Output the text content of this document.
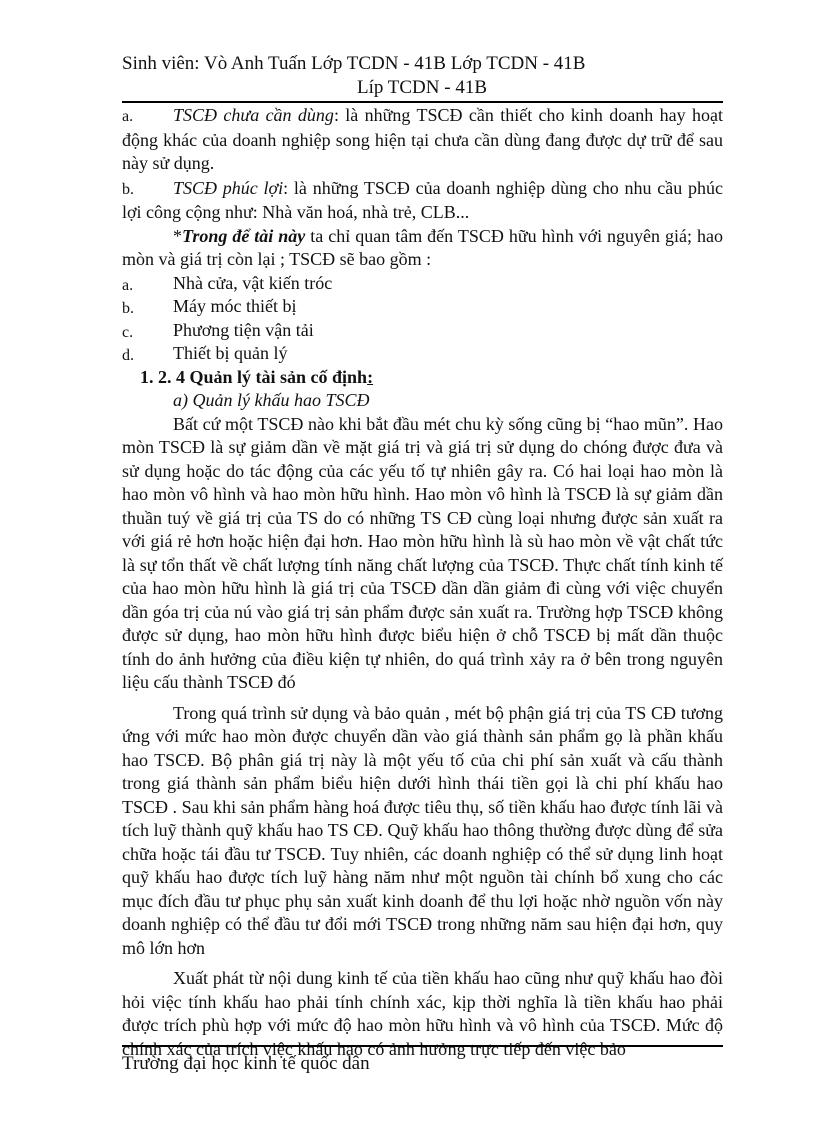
Sinh viên: Vò Anh Tuấn Lớp TCDN - 41B Lớp TCDN - 41B
Líp TCDN - 41B

a. TSCĐ chưa cần dùng: là những TSCĐ cần thiết cho kinh doanh hay hoạt động khác của doanh nghiệp song hiện tại chưa cần dùng đang được dự trữ để sau này sử dụng.

b. TSCĐ phúc lợi: là những TSCĐ của doanh nghiệp dùng cho nhu cầu phúc lợi công cộng như: Nhà văn hoá, nhà trẻ, CLB...

*Trong để tài này ta chỉ quan tâm đến TSCĐ hữu hình với nguyên giá; hao mòn và giá trị còn lại ; TSCĐ sẽ bao gồm :

a.	Nhà cửa, vật kiến tróc
b.	Máy móc thiết bị
c.	Phương tiện vận tải
d.	Thiết bị quản lý

1. 2. 4 Quản lý tài sản cố định:

a) Quản lý khấu hao TSCĐ

Bất cứ một TSCĐ nào khi bắt đầu mét chu kỳ sống cũng bị “hao mũn”. Hao mòn TSCĐ là sự giảm dần về mặt giá trị và giá trị sử dụng do chóng được đưa và sử dụng hoặc do tác động của các yếu tố tự nhiên gây ra. Có hai loại hao mòn là hao mòn vô hình và hao mòn hữu hình. Hao mòn vô hình là TSCĐ là sự giảm dần thuần tuý về giá trị của TS do có những TS CĐ cùng loại nhưng được sản xuất ra với giá rẻ hơn hoặc hiện đại hơn. Hao mòn hữu hình là sù hao mòn về vật chất tức là sự tổn thất về chất lượng tính năng chất lượng của TSCĐ. Thực chất tính kinh tế của hao mòn hữu hình là giá trị của TSCĐ dần dần giảm đi cùng với việc chuyển dần góa trị của nú vào giá trị sản phẩm được sản xuất ra. Trường hợp TSCĐ không được sử dụng, hao mòn hữu hình được biểu hiện ở chỗ TSCĐ bị mất dần thuộc tính do ảnh hưởng của điều kiện tự nhiên, do quá trình xảy ra ở bên trong nguyên liệu cấu thành TSCĐ đó

Trong quá trình sử dụng và bảo quản , mét bộ phận giá trị của TS CĐ tương ứng với mức hao mòn được chuyển dần vào giá thành sản phẩm gọ là phần khấu hao TSCĐ. Bộ phân giá trị này là một yếu tố của chi phí sản xuất và cấu thành trong giá thành sản phẩm biểu hiện dưới hình thái tiền gọi là chi phí khấu hao TSCĐ . Sau khi sản phẩm hàng hoá được tiêu thụ, số tiền khấu hao được tính lãi và tích luỹ thành quỹ khấu hao TS CĐ. Quỹ khấu hao thông thường được dùng để sửa chữa hoặc tái đầu tư TSCĐ. Tuy nhiên, các doanh nghiệp có thể sử dụng linh hoạt quỹ khấu hao được tích luỹ hàng năm như một nguồn tài chính bổ xung cho các mục đích đầu tư phục phụ sản xuất kinh doanh để thu lợi hoặc nhờ nguồn vốn này doanh nghiệp có thể đầu tư đổi mới TSCĐ trong những năm sau hiện đại hơn, quy mô lớn hơn

Xuất phát từ nội dung kinh tế của tiền khấu hao cũng như quỹ khấu hao đòi hỏi việc tính khấu hao phải tính chính xác, kịp thời nghĩa là tiền khấu hao phải được trích phù hợp với mức độ hao mòn hữu hình và vô hình của TSCĐ. Mức độ chính xác của trích việc khấu hao có ảnh hưởng trực tiếp đến việc bảo

Trường đại học kinh tế quốc dân
